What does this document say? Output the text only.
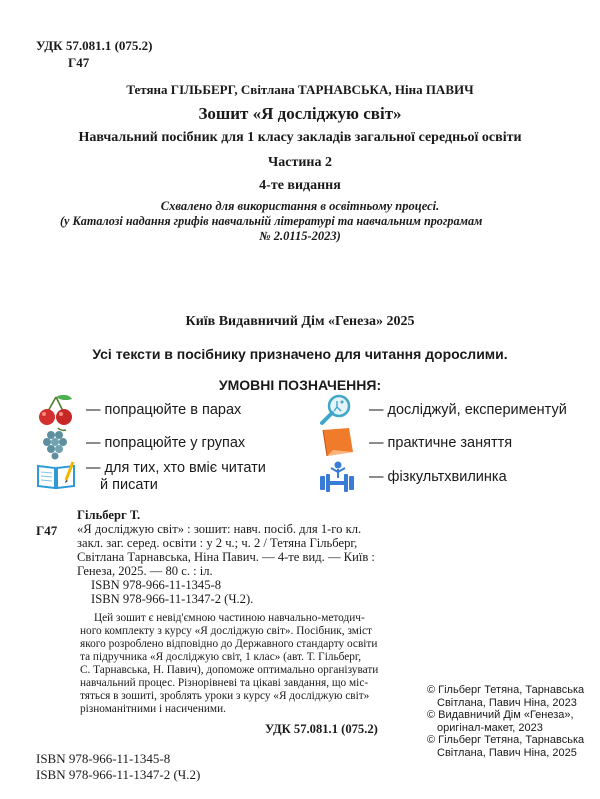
УДК 57.081.1 (075.2)
Г47
Тетяна ГІЛЬБЕРГ, Світлана ТАРНАВСЬКА, Ніна ПАВИЧ
Зошит «Я досліджую світ»
Навчальний посібник для 1 класу закладів загальної середньої освіти
Частина 2
4-те видання
Схвалено для використання в освітньому процесі.
(у Каталозі надання грифів навчальній літературі та навчальним програмам
№ 2.0115-2023)
Київ Видавничий Дім «Генеза» 2025
Усі тексти в посібнику призначено для читання дорослими.
УМОВНІ ПОЗНАЧЕННЯ:
— попрацюйте в парах	— досліджуй, експериментуй
— попрацюйте у групах	— практичне заняття
— для тих, хто вміє читати
й писати
— фізкультхвилинка
Г47
Гільберг Т.
«Я досліджую світ» : зошит: навч. посіб. для 1-го кл.
закл. заг. серед. освіти : у 2 ч.; ч. 2 / Тетяна Гільберг,
Світлана Тарнавська, Ніна Павич. — 4-те вид. — Київ :
Генеза, 2025. — 80 с. : іл.
ISBN 978-966-11-1345-8
ISBN 978-966-11-1347-2 (Ч.2).
Цей зошит є невід'ємною частиною навчально-методич-
ного комплекту з курсу «Я досліджую світ». Посібник, зміст
якого розроблено відповідно до Державного стандарту освіти
та підручника «Я досліджую світ, 1 клас» (авт. Т. Гільберг,
С. Тарнавська, Н. Павич), допоможе оптимально організувати
навчальний процес. Різнорівневі та цікаві завдання, що міс-
тяться в зошиті, зроблять уроки з курсу «Я досліджую світ»
різноманітними і насиченими.
УДК 57.081.1 (075.2)
ISBN 978-966-11-1345-8
ISBN 978-966-11-1347-2 (Ч.2)
© Гільберг Тетяна, Тарнавська
Світлана, Павич Ніна, 2023
© Видавничий Дім «Генеза»,
оригінал-макет, 2023
© Гільберг Тетяна, Тарнавська
Світлана, Павич Ніна, 2025
